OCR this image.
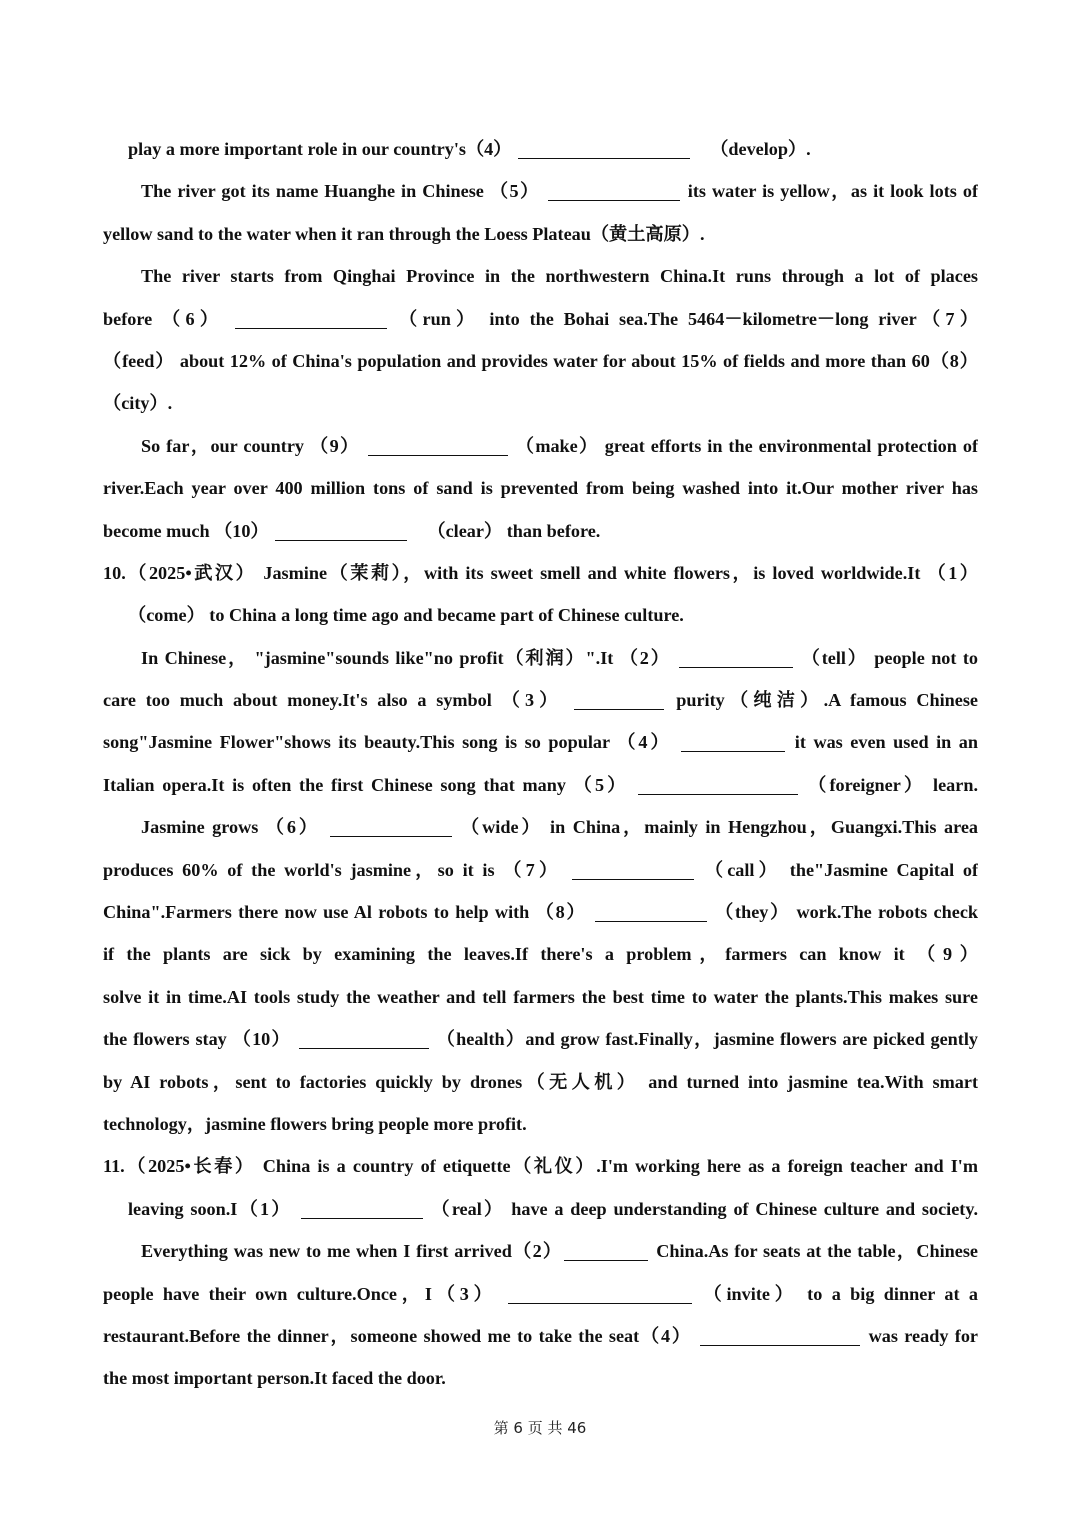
play a more important role in our country's（4）	（develop）.
The river got its name Huanghe in Chinese （5）	its water is yellow，as it look lots of
yellow sand to the water when it ran through the Loess Plateau（黄土高原）.
The river starts from Qinghai Province in the northwestern China.It runs through a lot of places
before （6）	（run） into the Bohai sea.The 5464－kilometre－long river（7）
（feed） about 12% of China's population and provides water for about 15% of fields and more than 60（8）
（city）.
So far，our country （9）	（make） great efforts in the environmental protection of
river.Each year over 400 million tons of sand is prevented from being washed into it.Our mother river has
become much （10）	（clear） than before.
10.（2025•武汉） Jasmine（茉莉），with its sweet smell and white flowers，is loved worldwide.It （1）
（come） to China a long time ago and became part of Chinese culture.
In Chinese， "jasmine"sounds like"no profit（利润）".It （2）	（tell） people not to
care too much about money.It's also a symbol （3）	purity（纯洁）.A famous Chinese
song"Jasmine Flower"shows its beauty.This song is so popular （4）	it was even used in an
Italian opera.It is often the first Chinese song that many （5）	（foreigner） learn.
Jasmine grows （6）	（wide） in China，mainly in Hengzhou，Guangxi.This area
produces 60% of the world's jasmine，so it is （7）	（call） the"Jasmine Capital of
China".Farmers there now use Al robots to help with （8）	（they） work.The robots check
if the plants are sick by examining the leaves.If there's a problem，farmers can know it （9）
solve it in time.AI tools study the weather and tell farmers the best time to water the plants.This makes sure
the flowers stay （10）	（health）and grow fast.Finally，jasmine flowers are picked gently
by AI robots，sent to factories quickly by drones（无人机） and turned into jasmine tea.With smart
technology，jasmine flowers bring people more profit.
11.（2025•长春） China is a country of etiquette（礼仪）.I'm working here as a foreign teacher and I'm
leaving soon.I（1）	（real） have a deep understanding of Chinese culture and society.
Everything was new to me when I first arrived（2）	China.As for seats at the table，Chinese
people have their own culture.Once，I（3）	（invite） to a big dinner at a
restaurant.Before the dinner，someone showed me to take the seat（4）	was ready for
the most important person.It faced the door.
第 6 页 共 46
